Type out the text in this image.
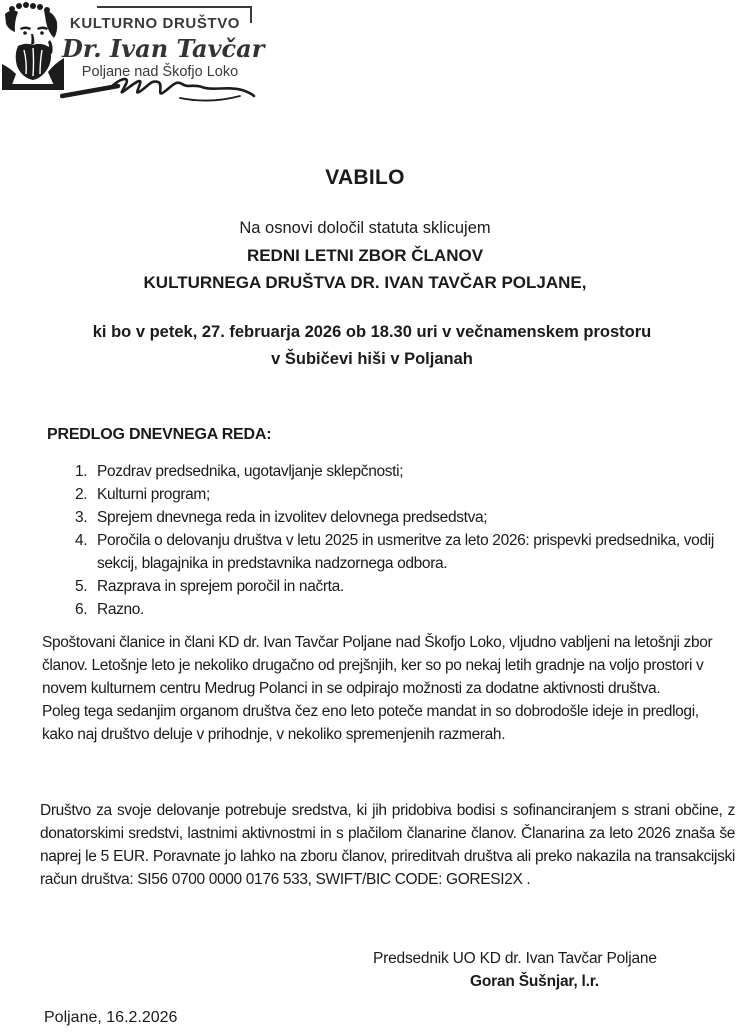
KULTURNO DRUŠTVO
Dr. Ivan Tavčar
Poljane nad Škofjo Loko
VABILO
Na osnovi določil statuta sklicujem
REDNI LETNI ZBOR ČLANOV
KULTURNEGA DRUŠTVA DR. IVAN TAVČAR POLJANE,
ki bo v petek, 27. februarja 2026 ob 18.30 uri v večnamenskem prostoru
v Šubičevi hiši v Poljanah
PREDLOG DNEVNEGA REDA:
1. Pozdrav predsednika, ugotavljanje sklepčnosti;
2. Kulturni program;
3. Sprejem dnevnega reda in izvolitev delovnega predsedstva;
4. Poročila o delovanju društva v letu 2025 in usmeritve za leto 2026: prispevki predsednika, vodij sekcij, blagajnika in predstavnika nadzornega odbora.
5. Razprava in sprejem poročil in načrta.
6. Razno.
Spoštovani članice in člani KD dr. Ivan Tavčar Poljane nad Škofjo Loko, vljudno vabljeni na letošnji zbor članov. Letošnje leto je nekoliko drugačno od prejšnjih, ker so po nekaj letih gradnje na voljo prostori v novem kulturnem centru Medrug Polanci in se odpirajo možnosti za dodatne aktivnosti društva.
Poleg tega sedanjim organom društva čez eno leto poteče mandat in so dobrodošle ideje in predlogi, kako naj društvo deluje v prihodnje, v nekoliko spremenjenih razmerah.
Društvo za svoje delovanje potrebuje sredstva, ki jih pridobiva bodisi s sofinanciranjem s strani občine, z donatorskimi sredstvi, lastnimi aktivnostmi in s plačilom članarine članov. Članarina za leto 2026 znaša še naprej le 5 EUR. Poravnate jo lahko na zboru članov, prireditvah društva ali preko nakazila na transakcijski račun društva: SI56 0700 0000 0176 533, SWIFT/BIC CODE: GORESI2X .
Predsednik UO KD dr. Ivan Tavčar Poljane
Goran Šušnjar, l.r.
Poljane, 16.2.2026
